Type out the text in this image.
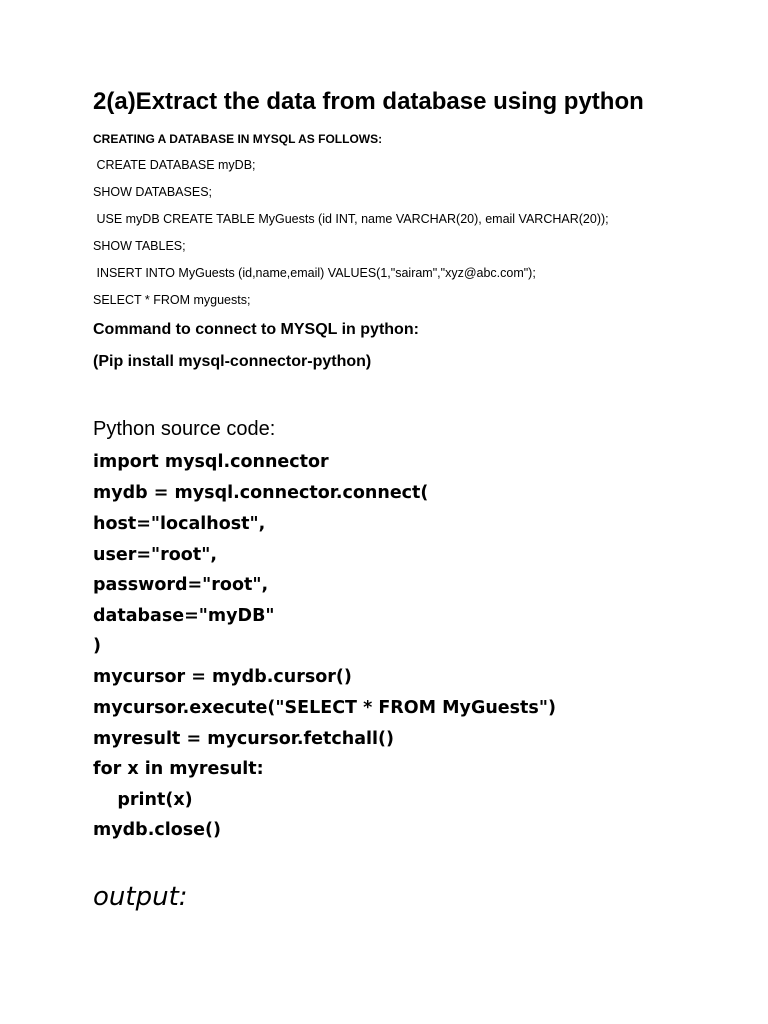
2(a)Extract the data from database using python
CREATING A DATABASE IN MYSQL AS FOLLOWS:
CREATE DATABASE myDB;
SHOW DATABASES;
USE myDB CREATE TABLE MyGuests (id INT, name VARCHAR(20), email VARCHAR(20));
SHOW TABLES;
INSERT INTO MyGuests (id,name,email) VALUES(1,"sairam","xyz@abc.com");
SELECT * FROM myguests;
Command to connect to MYSQL in python:
(Pip install mysql-connector-python)
Python source code:
import mysql.connector
mydb = mysql.connector.connect(
host="localhost",
user="root",
password="root",
database="myDB"
)
mycursor = mydb.cursor()
mycursor.execute("SELECT * FROM MyGuests")
myresult = mycursor.fetchall()
for x in myresult:
print(x)
mydb.close()
output:
